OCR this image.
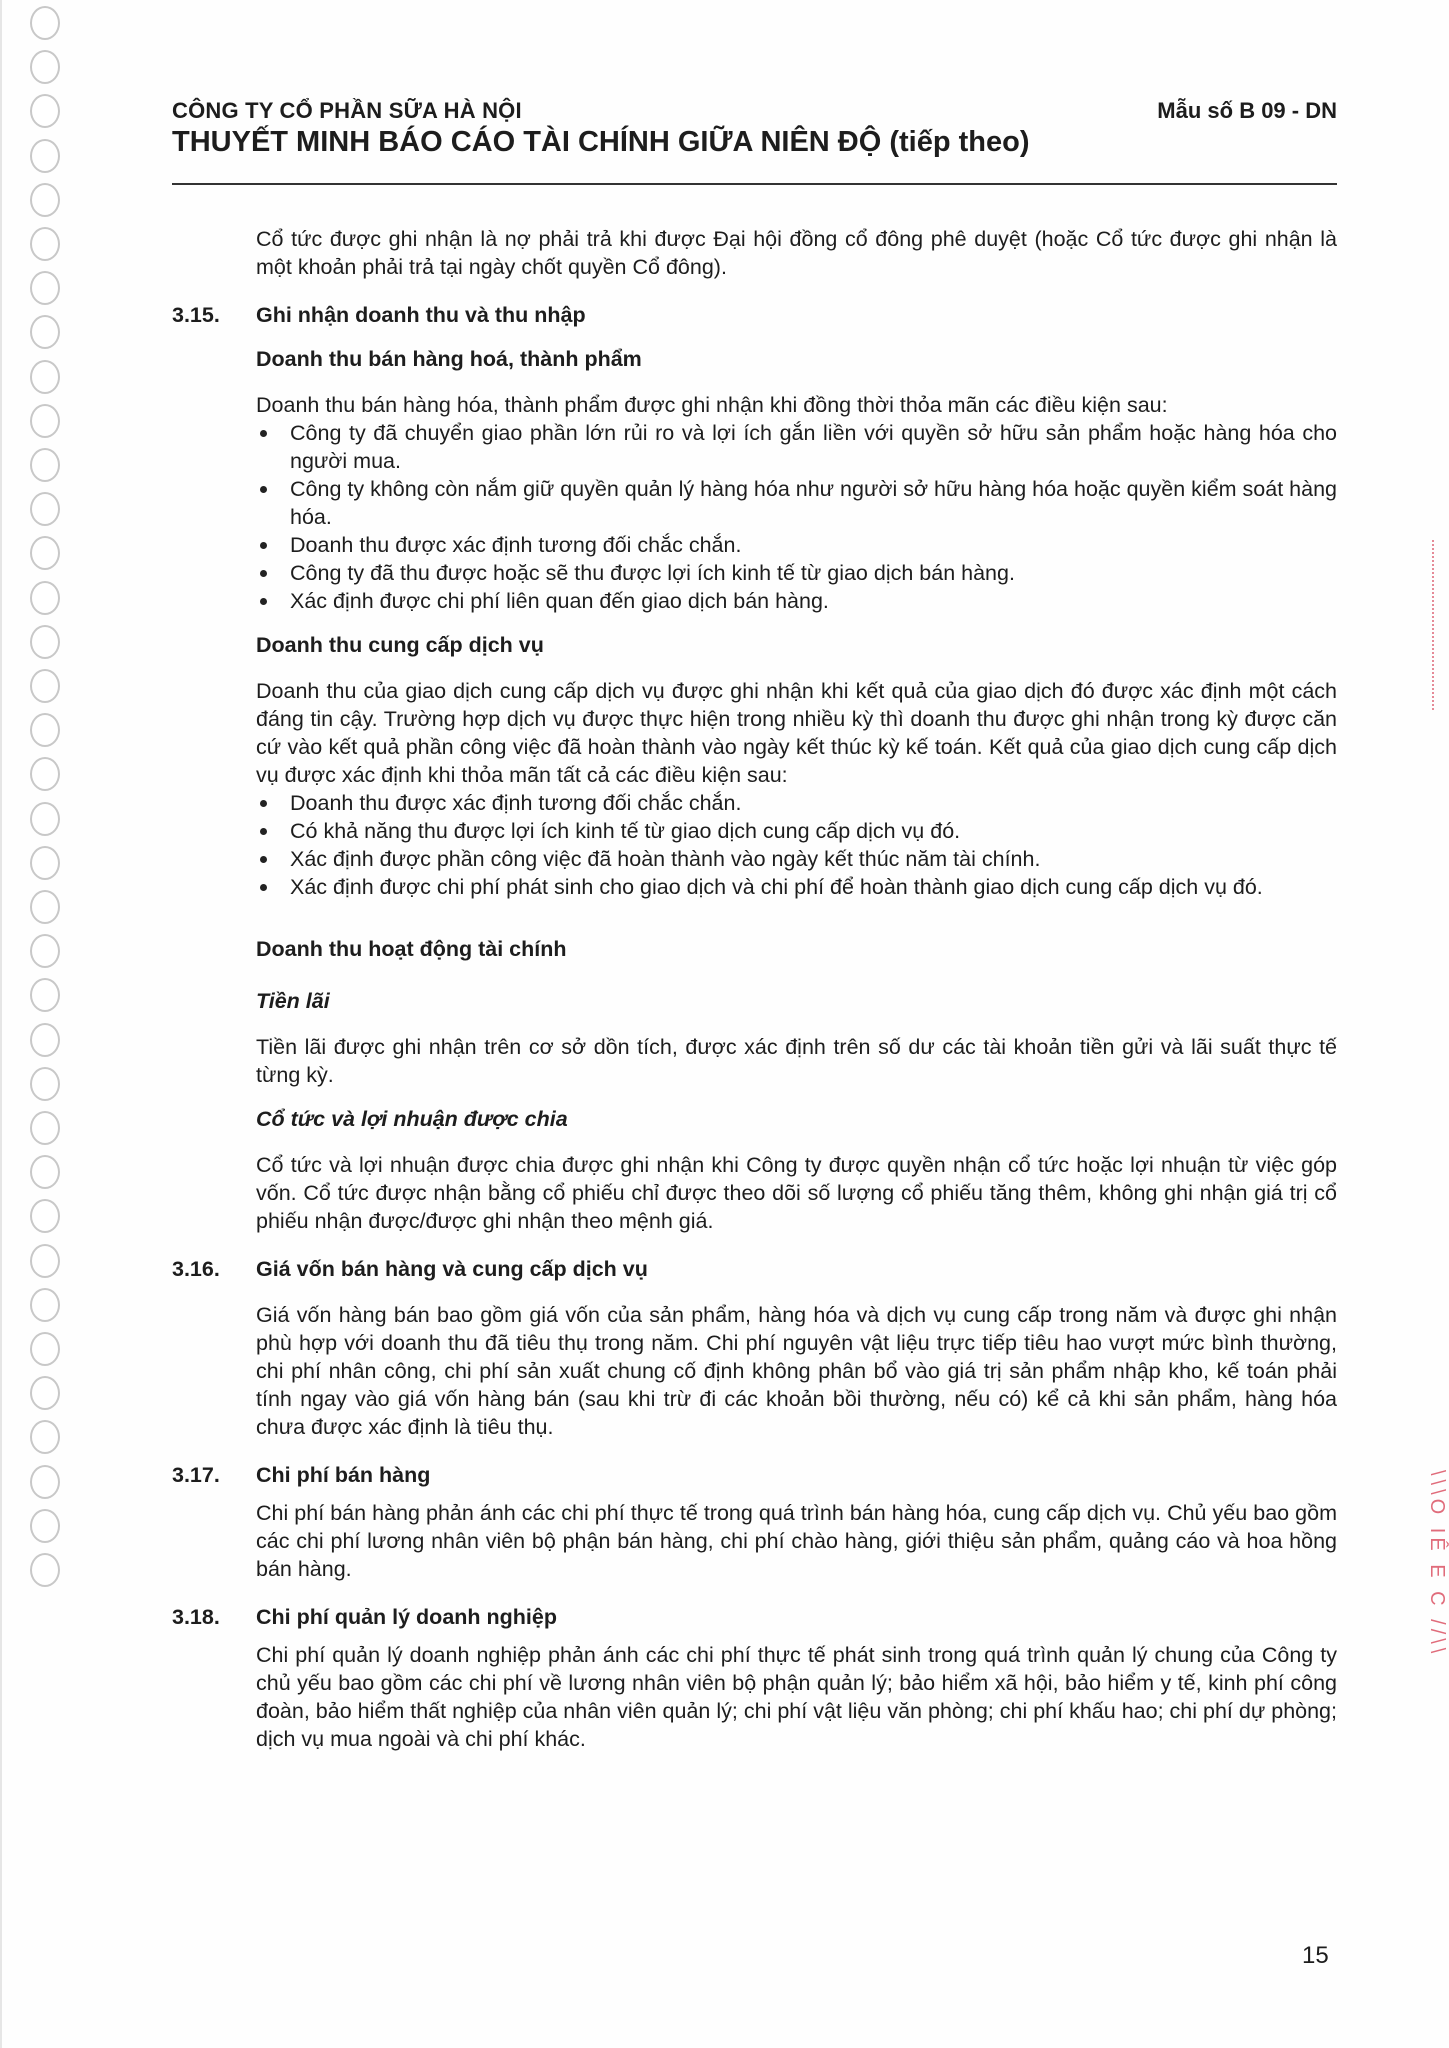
CÔNG TY CỔ PHẦN SỮA HÀ NỘI
THUYẾT MINH BÁO CÁO TÀI CHÍNH GIỮA NIÊN ĐỘ (tiếp theo)
Mẫu số B 09 - DN

Cổ tức được ghi nhận là nợ phải trả khi được Đại hội đồng cổ đông phê duyệt (hoặc Cổ tức được ghi nhận là một khoản phải trả tại ngày chốt quyền Cổ đông).

3.15.	Ghi nhận doanh thu và thu nhập
Doanh thu bán hàng hoá, thành phẩm

Doanh thu bán hàng hóa, thành phẩm được ghi nhận khi đồng thời thỏa mãn các điều kiện sau:

Công ty đã chuyển giao phần lớn rủi ro và lợi ích gắn liền với quyền sở hữu sản phẩm hoặc hàng hóa cho người mua.
Công ty không còn nắm giữ quyền quản lý hàng hóa như người sở hữu hàng hóa hoặc quyền kiểm soát hàng hóa.
Doanh thu được xác định tương đối chắc chắn.
Công ty đã thu được hoặc sẽ thu được lợi ích kinh tế từ giao dịch bán hàng.
Xác định được chi phí liên quan đến giao dịch bán hàng.
Doanh thu cung cấp dịch vụ

Doanh thu của giao dịch cung cấp dịch vụ được ghi nhận khi kết quả của giao dịch đó được xác định một cách đáng tin cậy. Trường hợp dịch vụ được thực hiện trong nhiều kỳ thì doanh thu được ghi nhận trong kỳ được căn cứ vào kết quả phần công việc đã hoàn thành vào ngày kết thúc kỳ kế toán. Kết quả của giao dịch cung cấp dịch vụ được xác định khi thỏa mãn tất cả các điều kiện sau:

Doanh thu được xác định tương đối chắc chắn.
Có khả năng thu được lợi ích kinh tế từ giao dịch cung cấp dịch vụ đó.
Xác định được phần công việc đã hoàn thành vào ngày kết thúc năm tài chính.
Xác định được chi phí phát sinh cho giao dịch và chi phí để hoàn thành giao dịch cung cấp dịch vụ đó.
Doanh thu hoạt động tài chính
Tiền lãi

Tiền lãi được ghi nhận trên cơ sở dồn tích, được xác định trên số dư các tài khoản tiền gửi và lãi suất thực tế từng kỳ.

Cổ tức và lợi nhuận được chia

Cổ tức và lợi nhuận được chia được ghi nhận khi Công ty được quyền nhận cổ tức hoặc lợi nhuận từ việc góp vốn. Cổ tức được nhận bằng cổ phiếu chỉ được theo dõi số lượng cổ phiếu tăng thêm, không ghi nhận giá trị cổ phiếu nhận được/được ghi nhận theo mệnh giá.

3.16.	Giá vốn bán hàng và cung cấp dịch vụ

Giá vốn hàng bán bao gồm giá vốn của sản phẩm, hàng hóa và dịch vụ cung cấp trong năm và được ghi nhận phù hợp với doanh thu đã tiêu thụ trong năm. Chi phí nguyên vật liệu trực tiếp tiêu hao vượt mức bình thường, chi phí nhân công, chi phí sản xuất chung cố định không phân bổ vào giá trị sản phẩm nhập kho, kế toán phải tính ngay vào giá vốn hàng bán (sau khi trừ đi các khoản bồi thường, nếu có) kể cả khi sản phẩm, hàng hóa chưa được xác định là tiêu thụ.

3.17.	Chi phí bán hàng

Chi phí bán hàng phản ánh các chi phí thực tế trong quá trình bán hàng hóa, cung cấp dịch vụ. Chủ yếu bao gồm các chi phí lương nhân viên bộ phận bán hàng, chi phí chào hàng, giới thiệu sản phẩm, quảng cáo và hoa hồng bán hàng.

3.18.	Chi phí quản lý doanh nghiệp

Chi phí quản lý doanh nghiệp phản ánh các chi phí thực tế phát sinh trong quá trình quản lý chung của Công ty chủ yếu bao gồm các chi phí về lương nhân viên bộ phận quản lý; bảo hiểm xã hội, bảo hiểm y tế, kinh phí công đoàn, bảo hiểm thất nghiệp của nhân viên quản lý; chi phí vật liệu văn phòng; chi phí khấu hao; chi phí dự phòng; dịch vụ mua ngoài và chi phí khác.

15
\\\O IÊ E C //\\
